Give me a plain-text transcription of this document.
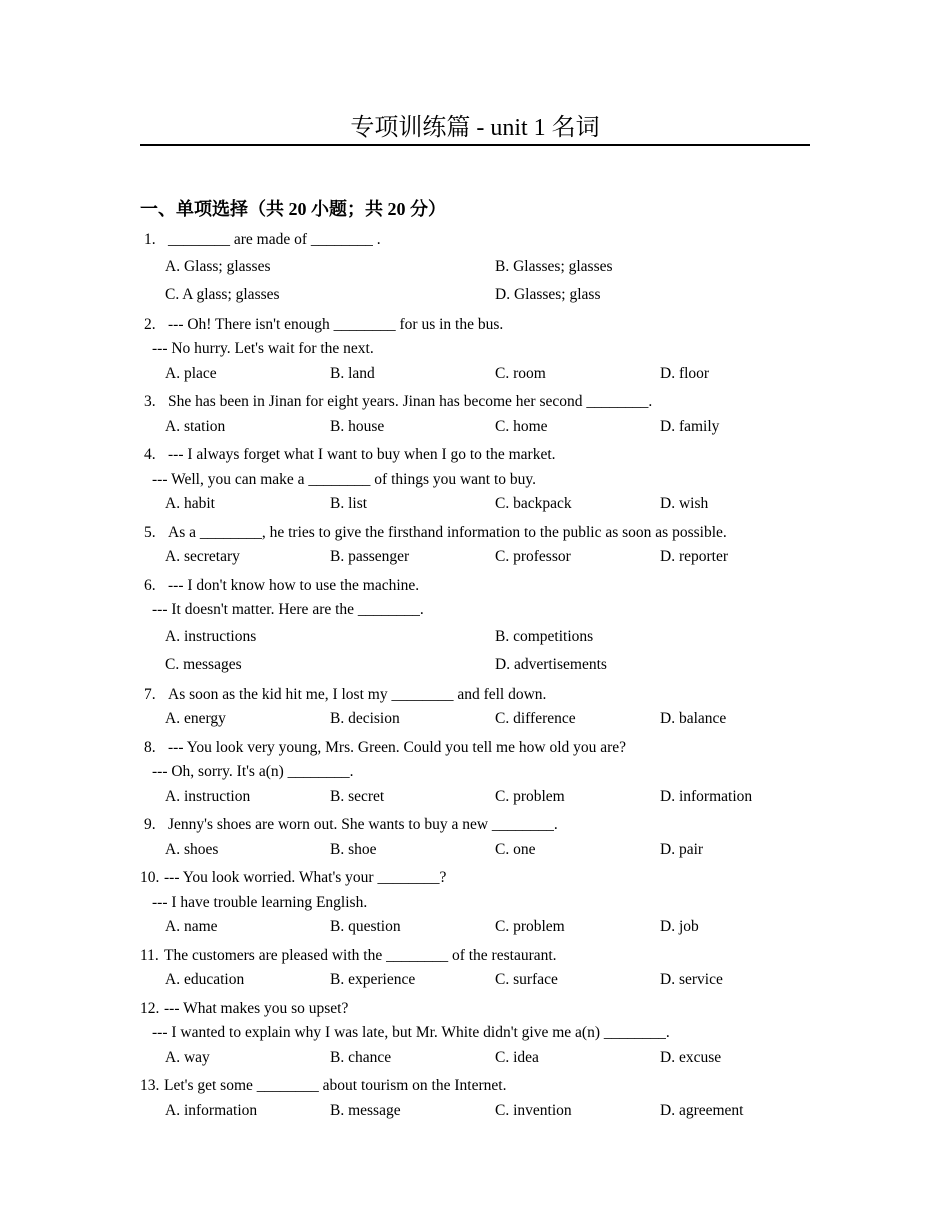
专项训练篇 - unit 1 名词
一、单项选择（共 20 小题；共 20 分）
1. ________ are made of ________ .
A. Glass; glasses	B. Glasses; glasses
C. A glass; glasses	D. Glasses; glass
2. --- Oh! There isn't enough ________ for us in the bus.
--- No hurry. Let's wait for the next.
A. place	B. land	C. room	D. floor
3. She has been in Jinan for eight years. Jinan has become her second ________.
A. station	B. house	C. home	D. family
4. --- I always forget what I want to buy when I go to the market.
--- Well, you can make a ________ of things you want to buy.
A. habit	B. list	C. backpack	D. wish
5. As a ________, he tries to give the firsthand information to the public as soon as possible.
A. secretary	B. passenger	C. professor	D. reporter
6. --- I don't know how to use the machine.
--- It doesn't matter. Here are the ________.
A. instructions	B. competitions
C. messages	D. advertisements
7. As soon as the kid hit me, I lost my ________ and fell down.
A. energy	B. decision	C. difference	D. balance
8. --- You look very young, Mrs. Green. Could you tell me how old you are?
--- Oh, sorry. It's a(n) ________.
A. instruction	B. secret	C. problem	D. information
9. Jenny's shoes are worn out. She wants to buy a new ________.
A. shoes	B. shoe	C. one	D. pair
10. --- You look worried. What's your ________?
--- I have trouble learning English.
A. name	B. question	C. problem	D. job
11. The customers are pleased with the ________ of the restaurant.
A. education	B. experience	C. surface	D. service
12. --- What makes you so upset?
--- I wanted to explain why I was late, but Mr. White didn't give me a(n) ________.
A. way	B. chance	C. idea	D. excuse
13. Let's get some ________ about tourism on the Internet.
A. information	B. message	C. invention	D. agreement
